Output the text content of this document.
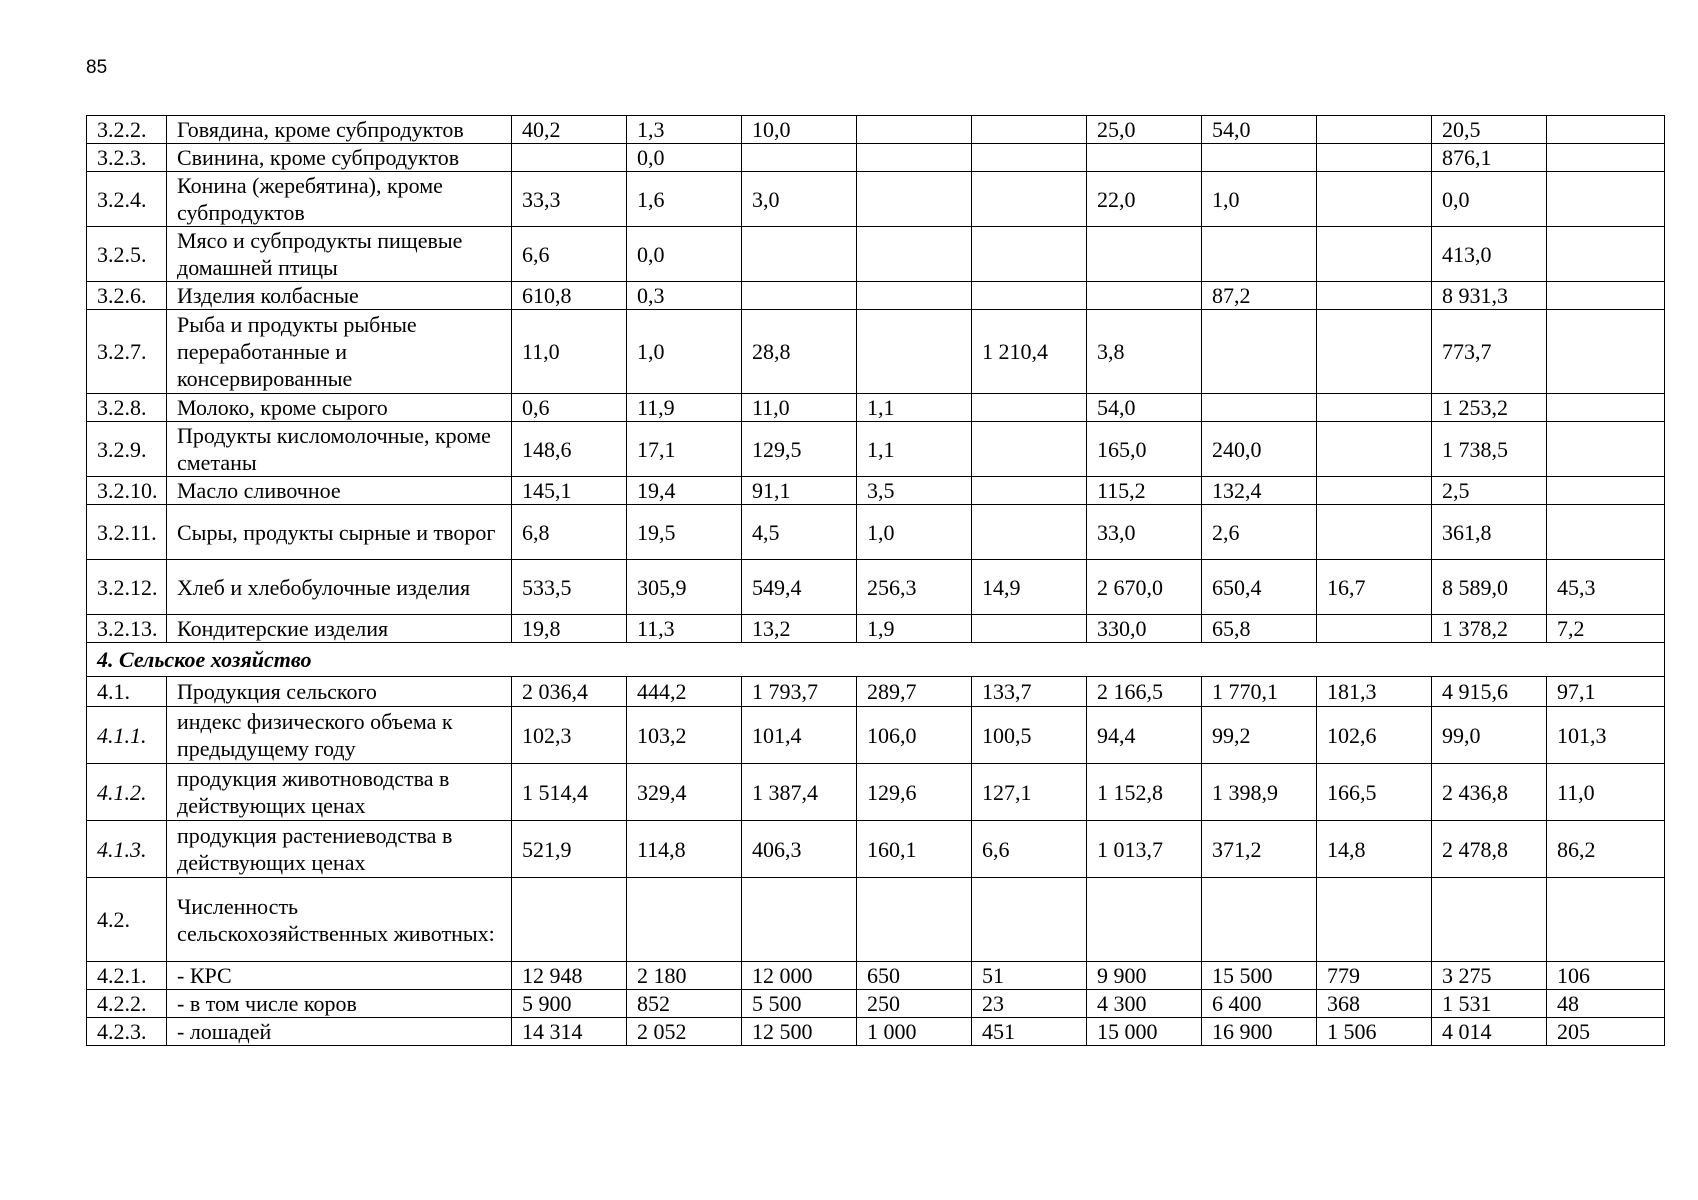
85
3.2.2.	Говядина, кроме субпродуктов	40,2	1,3	10,0			25,0	54,0		20,5	
3.2.3.	Свинина, кроме субпродуктов		0,0							876,1	
3.2.4.	Конина (жеребятина), кроме субпродуктов	33,3	1,6	3,0			22,0	1,0		0,0	
3.2.5.	Мясо и субпродукты пищевые домашней птицы	6,6	0,0							413,0	
3.2.6.	Изделия колбасные	610,8	0,3					87,2		8 931,3	
3.2.7.	Рыба и продукты рыбные переработанные и консервированные	11,0	1,0	28,8		1 210,4	3,8			773,7	
3.2.8.	Молоко, кроме сырого	0,6	11,9	11,0	1,1		54,0			1 253,2	
3.2.9.	Продукты кисломолочные, кроме сметаны	148,6	17,1	129,5	1,1		165,0	240,0		1 738,5	
3.2.10.	Масло сливочное	145,1	19,4	91,1	3,5		115,2	132,4		2,5	
3.2.11.	Сыры, продукты сырные и творог	6,8	19,5	4,5	1,0		33,0	2,6		361,8	
3.2.12.	Хлеб и хлебобулочные изделия	533,5	305,9	549,4	256,3	14,9	2 670,0	650,4	16,7	8 589,0	45,3
3.2.13.	Кондитерские изделия	19,8	11,3	13,2	1,9		330,0	65,8		1 378,2	7,2
4. Сельское хозяйство											
4.1.	Продукция сельского	2 036,4	444,2	1 793,7	289,7	133,7	2 166,5	1 770,1	181,3	4 915,6	97,1
4.1.1.	индекс физического объема к предыдущему году	102,3	103,2	101,4	106,0	100,5	94,4	99,2	102,6	99,0	101,3
4.1.2.	продукция животноводства в действующих ценах	1 514,4	329,4	1 387,4	129,6	127,1	1 152,8	1 398,9	166,5	2 436,8	11,0
4.1.3.	продукция растениеводства в действующих ценах	521,9	114,8	406,3	160,1	6,6	1 013,7	371,2	14,8	2 478,8	86,2
4.2.	Численность сельскохозяйственных животных:										
4.2.1.	- КРС	12 948	2 180	12 000	650	51	9 900	15 500	779	3 275	106
4.2.2.	- в том числе коров	5 900	852	5 500	250	23	4 300	6 400	368	1 531	48
4.2.3.	- лошадей	14 314	2 052	12 500	1 000	451	15 000	16 900	1 506	4 014	205
